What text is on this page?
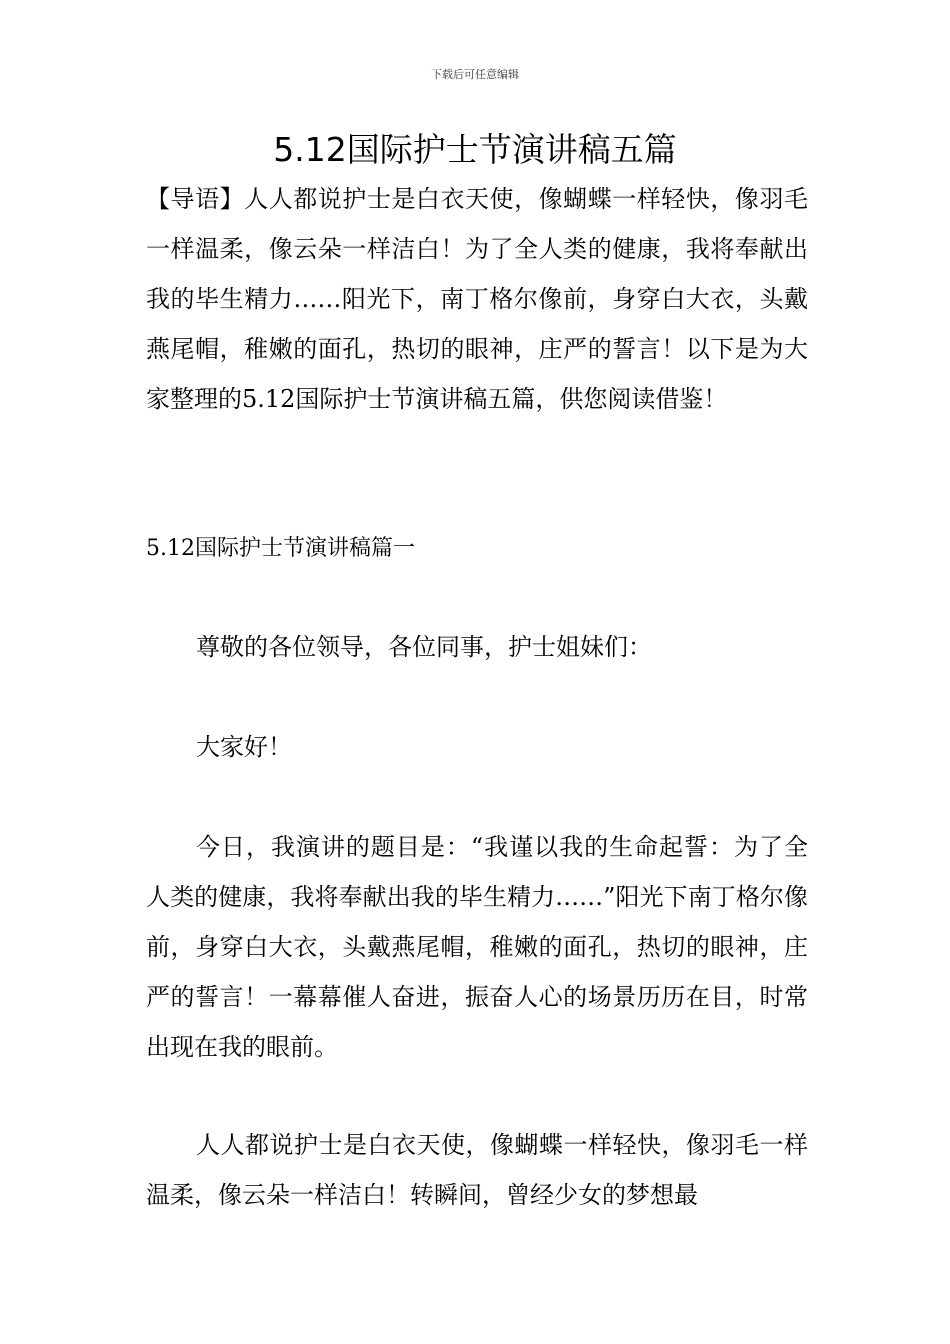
下载后可任意编辑
5.12国际护士节演讲稿五篇

【导语】人人都说护士是白衣天使，像蝴蝶一样轻快，像羽毛一样温柔，像云朵一样洁白！为了全人类的健康，我将奉献出我的毕生精力……阳光下，南丁格尔像前，身穿白大衣，头戴燕尾帽，稚嫩的面孔，热切的眼神，庄严的誓言！以下是为大家整理的5.12国际护士节演讲稿五篇，供您阅读借鉴！

5.12国际护士节演讲稿篇一

尊敬的各位领导，各位同事，护士姐妹们：

大家好！

今日，我演讲的题目是：“我谨以我的生命起誓：为了全人类的健康，我将奉献出我的毕生精力……”阳光下南丁格尔像前，身穿白大衣，头戴燕尾帽，稚嫩的面孔，热切的眼神，庄严的誓言！一幕幕催人奋进，振奋人心的场景历历在目，时常出现在我的眼前。

人人都说护士是白衣天使，像蝴蝶一样轻快，像羽毛一样温柔，像云朵一样洁白！转瞬间，曾经少女的梦想最
